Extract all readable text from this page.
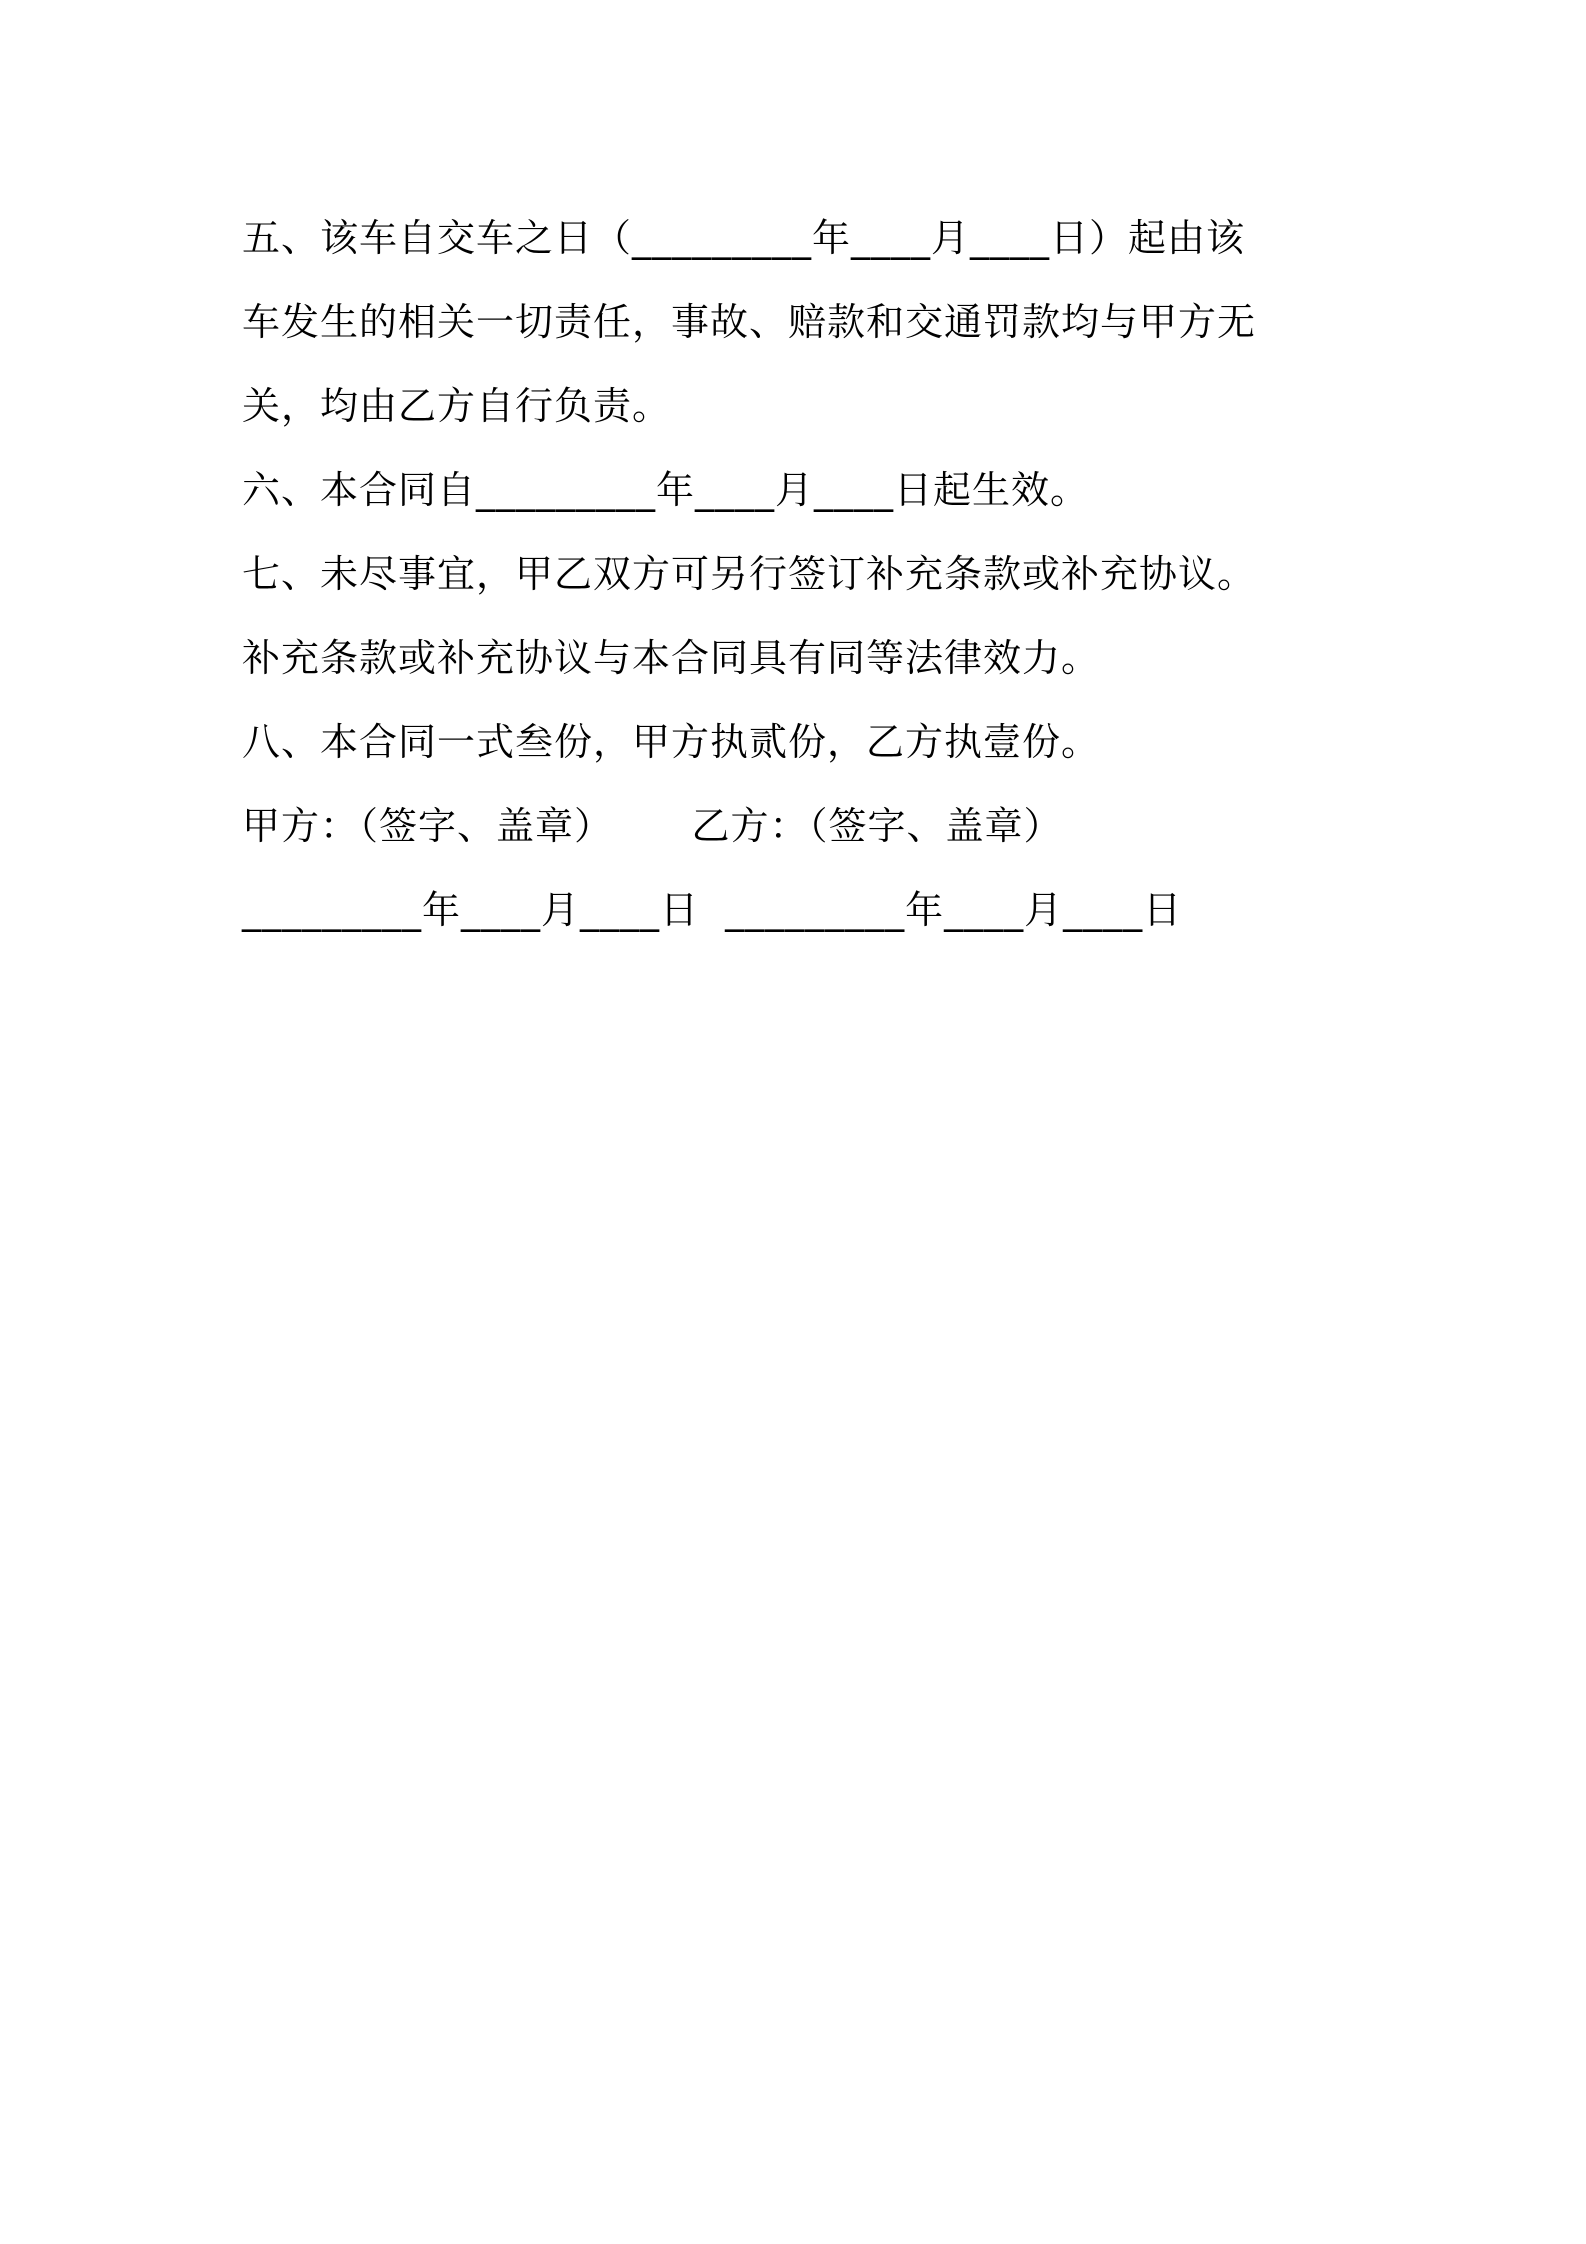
五、该车自交车之日（_________年____月____日）起由该
车发生的相关一切责任，事故、赔款和交通罚款均与甲方无
关，均由乙方自行负责。
六、本合同自_________年____月____日起生效。
七、未尽事宜，甲乙双方可另行签订补充条款或补充协议。
补充条款或补充协议与本合同具有同等法律效力。
八、本合同一式叁份，甲方执贰份，乙方执壹份。
甲方：（签字、盖章）      乙方：（签字、盖章）
_________年____月____日  _________年____月____日
